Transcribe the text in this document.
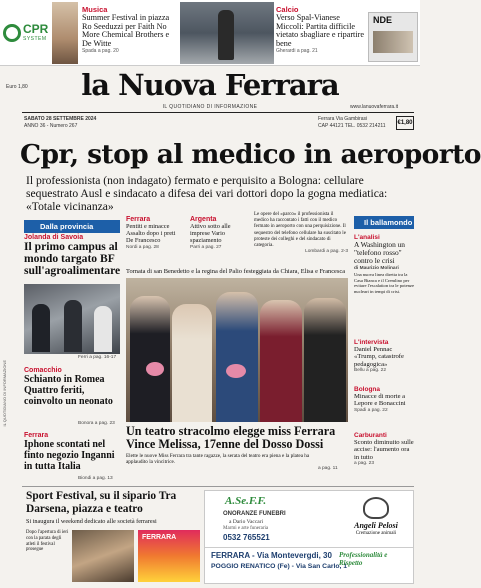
CPR
SYSTEM
Musica
Summer Festival in piazza Ro Seeduzzi per Faith No More Chemical Brothers e De Witte
Spada a pag. 20
Calcio
Verso Spal-Vianese Miccoli: Partita difficile vietato sbagliare e ripartire bene
Gherardi a pag. 21
NDE
Euro 1,80	la Nuova Ferrara
IL QUOTIDIANO DI INFORMAZIONE	www.lanuovaferrara.it
SABATO 28 SETTEMBRE 2024
ANNO 36 - Numero 267
Ferrara Via Gambirasi
CAP 44121 TEL. 0532 214211 €1,80
Cpr, stop al medico in aeroporto
Il professionista (non indagato) fermato e perquisito a Bologna: cellulare sequestrato Ausl e sindacato a difesa dei vari dottori dopo la gogna mediatica: «Totale vicinanza»
Dalla provincia
Jolanda di Savoia
Il primo campus al mondo targato BF sull'agroalimentare
Ferri a pag. 16-17
Comacchio
Schianto in Romea Quattro feriti, coinvolto un neonato
Bonora a pag. 23
Ferrara
Iphone scontati nel finto negozio Inganni in tutta Italia
Biondi a pag. 13
Ferrara
Pentiti e minacce Assalto dopo i preti De Francesco
Nordi a pag. 28
Argenta
Attivo sotto alle imprese Vario spaziamento
Parri a pag. 27
Le opere del «parco» il professionista il medico ha raccontato i fatti con il medico fermato in aeroporto con una perquisizione. Il sequestro del telefono cellulare ha suscitato le proteste dei colleghi e del sindacato di categoria.
Lombardi a pag. 2-3
Tornata di san Benedetto e la regina del Palio festeggiata da Chiara, Elisa e Francesca
Un teatro stracolmo elegge miss Ferrara Vince Melissa, 17enne del Dosso Dossi
Elette le nuove Miss Ferrara tra tante ragazze, la serata del teatro era piena e la platea ha applaudito la vincitrice.
a pag. 11
Il ballamondo
L'analisi
A Washington un "telefono rosso" contro le crisi
di Maurizio Molinari
Una nuova linea diretta tra la Casa Bianca e il Cremlino per evitare l'escalation tra le potenze nucleari in tempi di crisi.
L'intervista
Daniel Pennac «Trump, catastrofe pedagogica»
Bellu a pag. 22
Bologna
Minacce di morte a Lepore e Bonaccini
Spadi a pag. 22
Carburanti
Sconto diminuito sulle accise: l'aumento ora in tutto
a pag. 23
Sport Festival, su il sipario Tra Darsena, piazza e teatro
Si inaugura il weekend dedicato alle società ferraresi
Dopo l'apertura di ieri con la parata degli atleti il festival prosegue
FERRARA
A.Se.F.F.
ONORANZE FUNEBRI
a Dario Vaccari
Marmi e arte funeraria
0532 765521
FERRARA - Via Montevergdi, 30
POGGIO RENATICO (Fe) - Via San Carlo, 1
Angeli Pelosi
Cremazione animali
Professionalità e Rispetto
IL QUOTIDIANO DI INFORMAZIONE
